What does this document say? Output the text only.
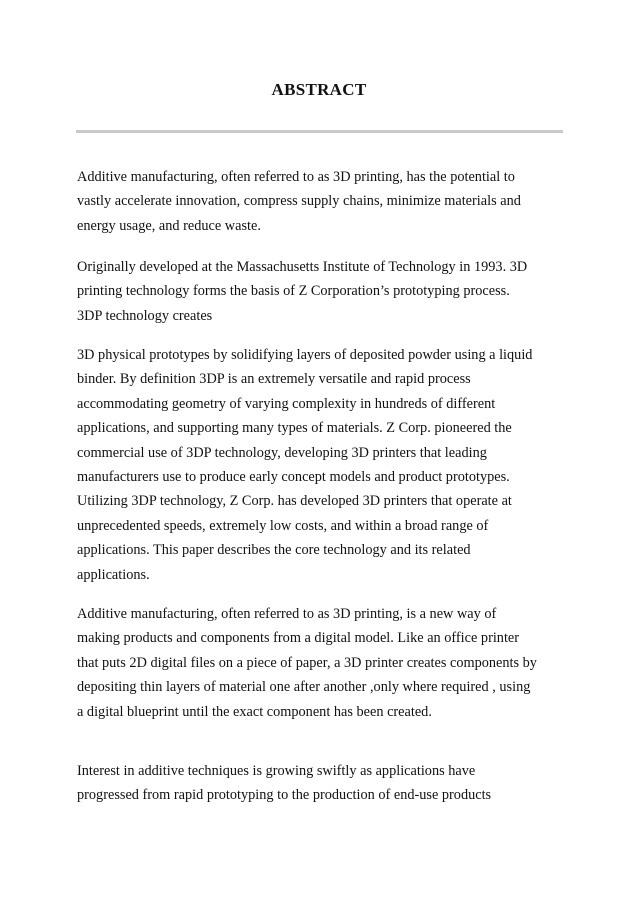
ABSTRACT

Additive manufacturing, often referred to as 3D printing, has the potential to
vastly accelerate innovation, compress supply chains, minimize materials and
energy usage, and reduce waste.

Originally developed at the Massachusetts Institute of Technology in 1993. 3D
printing technology forms the basis of Z Corporation’s prototyping process.
3DP technology creates

3D physical prototypes by solidifying layers of deposited powder using a liquid
binder. By definition 3DP is an extremely versatile and rapid process
accommodating geometry of varying complexity in hundreds of different
applications, and supporting many types of materials. Z Corp. pioneered the
commercial use of 3DP technology, developing 3D printers that leading
manufacturers use to produce early concept models and product prototypes.
Utilizing 3DP technology, Z Corp. has developed 3D printers that operate at
unprecedented speeds, extremely low costs, and within a broad range of
applications. This paper describes the core technology and its related
applications.

Additive manufacturing, often referred to as 3D printing, is a new way of
making products and components from a digital model. Like an office printer
that puts 2D digital files on a piece of paper, a 3D printer creates components by
depositing thin layers of material one after another ,only where required , using
a digital blueprint until the exact component has been created.

Interest in additive techniques is growing swiftly as applications have
progressed from rapid prototyping to the production of end-use products
